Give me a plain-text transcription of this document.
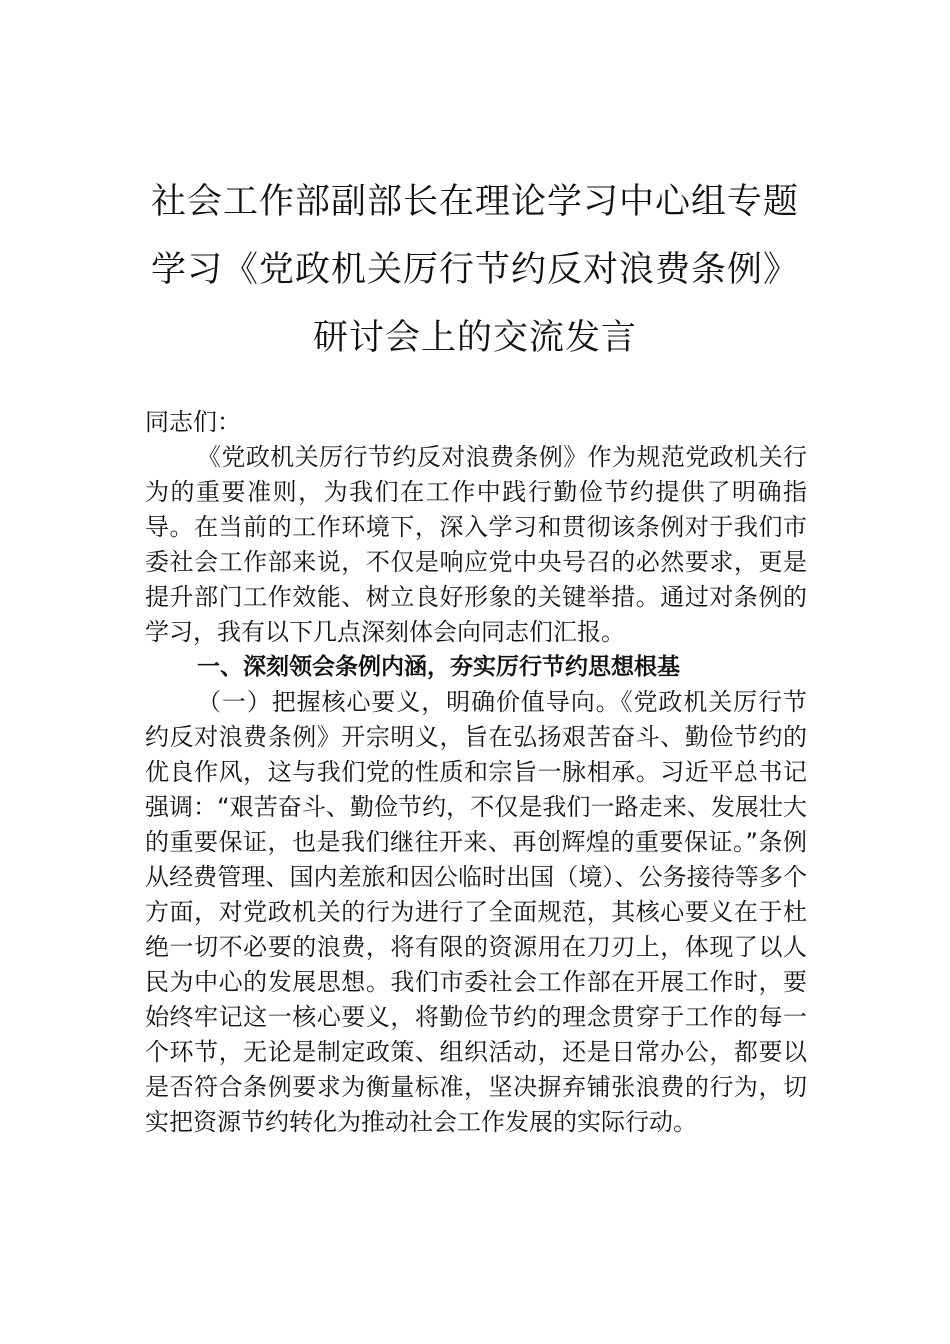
社会工作部副部长在理论学习中心组专题
学习《党政机关厉行节约反对浪费条例》
研讨会上的交流发言

同志们：

《党政机关厉行节约反对浪费条例》作为规范党政机关行为的重要准则，为我们在工作中践行勤俭节约提供了明确指导。在当前的工作环境下，深入学习和贯彻该条例对于我们市委社会工作部来说，不仅是响应党中央号召的必然要求，更是提升部门工作效能、树立良好形象的关键举措。通过对条例的学习，我有以下几点深刻体会向同志们汇报。

一、深刻领会条例内涵，夯实厉行节约思想根基

（一）把握核心要义，明确价值导向。《党政机关厉行节约反对浪费条例》开宗明义，旨在弘扬艰苦奋斗、勤俭节约的优良作风，这与我们党的性质和宗旨一脉相承。习近平总书记强调：“艰苦奋斗、勤俭节约，不仅是我们一路走来、发展壮大的重要保证，也是我们继往开来、再创辉煌的重要保证。”条例从经费管理、国内差旅和因公临时出国（境）、公务接待等多个方面，对党政机关的行为进行了全面规范，其核心要义在于杜绝一切不必要的浪费，将有限的资源用在刀刃上，体现了以人民为中心的发展思想。我们市委社会工作部在开展工作时，要始终牢记这一核心要义，将勤俭节约的理念贯穿于工作的每一个环节，无论是制定政策、组织活动，还是日常办公，都要以是否符合条例要求为衡量标准，坚决摒弃铺张浪费的行为，切实把资源节约转化为推动社会工作发展的实际行动。
